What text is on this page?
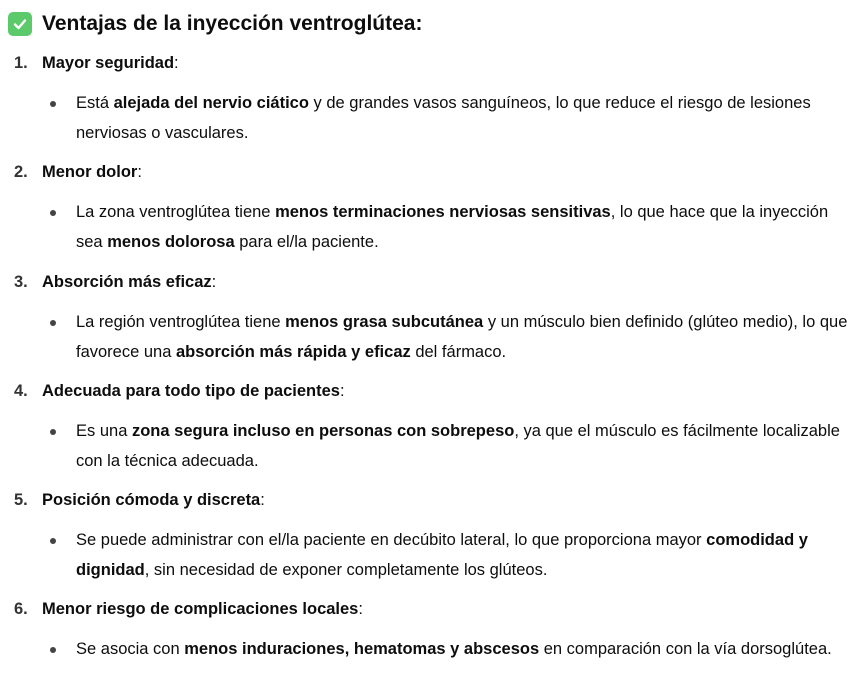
Ventajas de la inyección ventroglútea:
1. Mayor seguridad:
Está alejada del nervio ciático y de grandes vasos sanguíneos, lo que reduce el riesgo de lesiones nerviosas o vasculares.
2. Menor dolor:
La zona ventroglútea tiene menos terminaciones nerviosas sensitivas, lo que hace que la inyección sea menos dolorosa para el/la paciente.
3. Absorción más eficaz:
La región ventroglútea tiene menos grasa subcutánea y un músculo bien definido (glúteo medio), lo que favorece una absorción más rápida y eficaz del fármaco.
4. Adecuada para todo tipo de pacientes:
Es una zona segura incluso en personas con sobrepeso, ya que el músculo es fácilmente localizable con la técnica adecuada.
5. Posición cómoda y discreta:
Se puede administrar con el/la paciente en decúbito lateral, lo que proporciona mayor comodidad y dignidad, sin necesidad de exponer completamente los glúteos.
6. Menor riesgo de complicaciones locales:
Se asocia con menos induraciones, hematomas y abscesos en comparación con la vía dorsoglútea.
